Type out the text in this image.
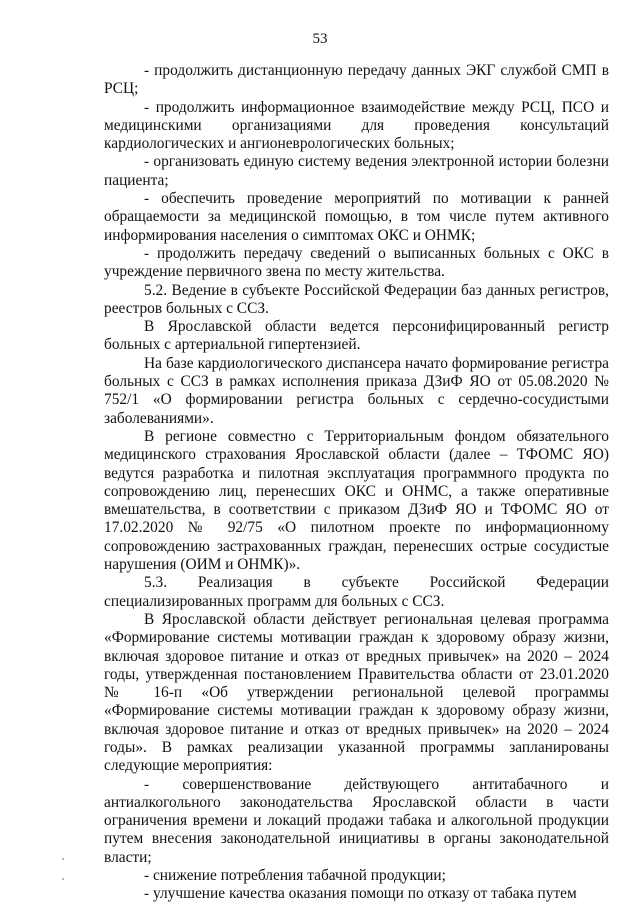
53

- продолжить дистанционную передачу данных ЭКГ службой СМП в РСЦ;

- продолжить информационное взаимодействие между РСЦ, ПСО и медицинскими организациями для проведения консультаций кардиологических и ангионеврологических больных;

- организовать единую систему ведения электронной истории болезни пациента;

- обеспечить проведение мероприятий по мотивации к ранней обращаемости за медицинской помощью, в том числе путем активного информирования населения о симптомах ОКС и ОНМК;

- продолжить передачу сведений о выписанных больных с ОКС в учреждение первичного звена по месту жительства.

5.2. Ведение в субъекте Российской Федерации баз данных регистров, реестров больных с ССЗ.

В Ярославской области ведется персонифицированный регистр больных с артериальной гипертензией.

На базе кардиологического диспансера начато формирование регистра больных с ССЗ в рамках исполнения приказа ДЗиФ ЯО от 05.08.2020 № 752/1 «О формировании регистра больных с сердечно-сосудистыми заболеваниями».

В регионе совместно с Территориальным фондом обязательного медицинского страхования Ярославской области (далее – ТФОМС ЯО) ведутся разработка и пилотная эксплуатация программного продукта по сопровождению лиц, перенесших ОКС и ОНМС, а также оперативные вмешательства, в соответствии с приказом ДЗиФ ЯО и ТФОМС ЯО от 17.02.2020 № 92/75 «О пилотном проекте по информационному сопровождению застрахованных граждан, перенесших острые сосудистые нарушения (ОИМ и ОНМК)».

5.3. Реализация в субъекте Российской Федерации специализированных программ для больных с ССЗ.

В Ярославской области действует региональная целевая программа «Формирование системы мотивации граждан к здоровому образу жизни, включая здоровое питание и отказ от вредных привычек» на 2020 – 2024 годы, утвержденная постановлением Правительства области от 23.01.2020 № 16-п «Об утверждении региональной целевой программы «Формирование системы мотивации граждан к здоровому образу жизни, включая здоровое питание и отказ от вредных привычек» на 2020 – 2024 годы». В рамках реализации указанной программы запланированы следующие мероприятия:

- совершенствование действующего антитабачного и антиалкогольного законодательства Ярославской области в части ограничения времени и локаций продажи табака и алкогольной продукции путем внесения законодательной инициативы в органы законодательной власти;

- снижение потребления табачной продукции;

- улучшение качества оказания помощи по отказу от табака путем
